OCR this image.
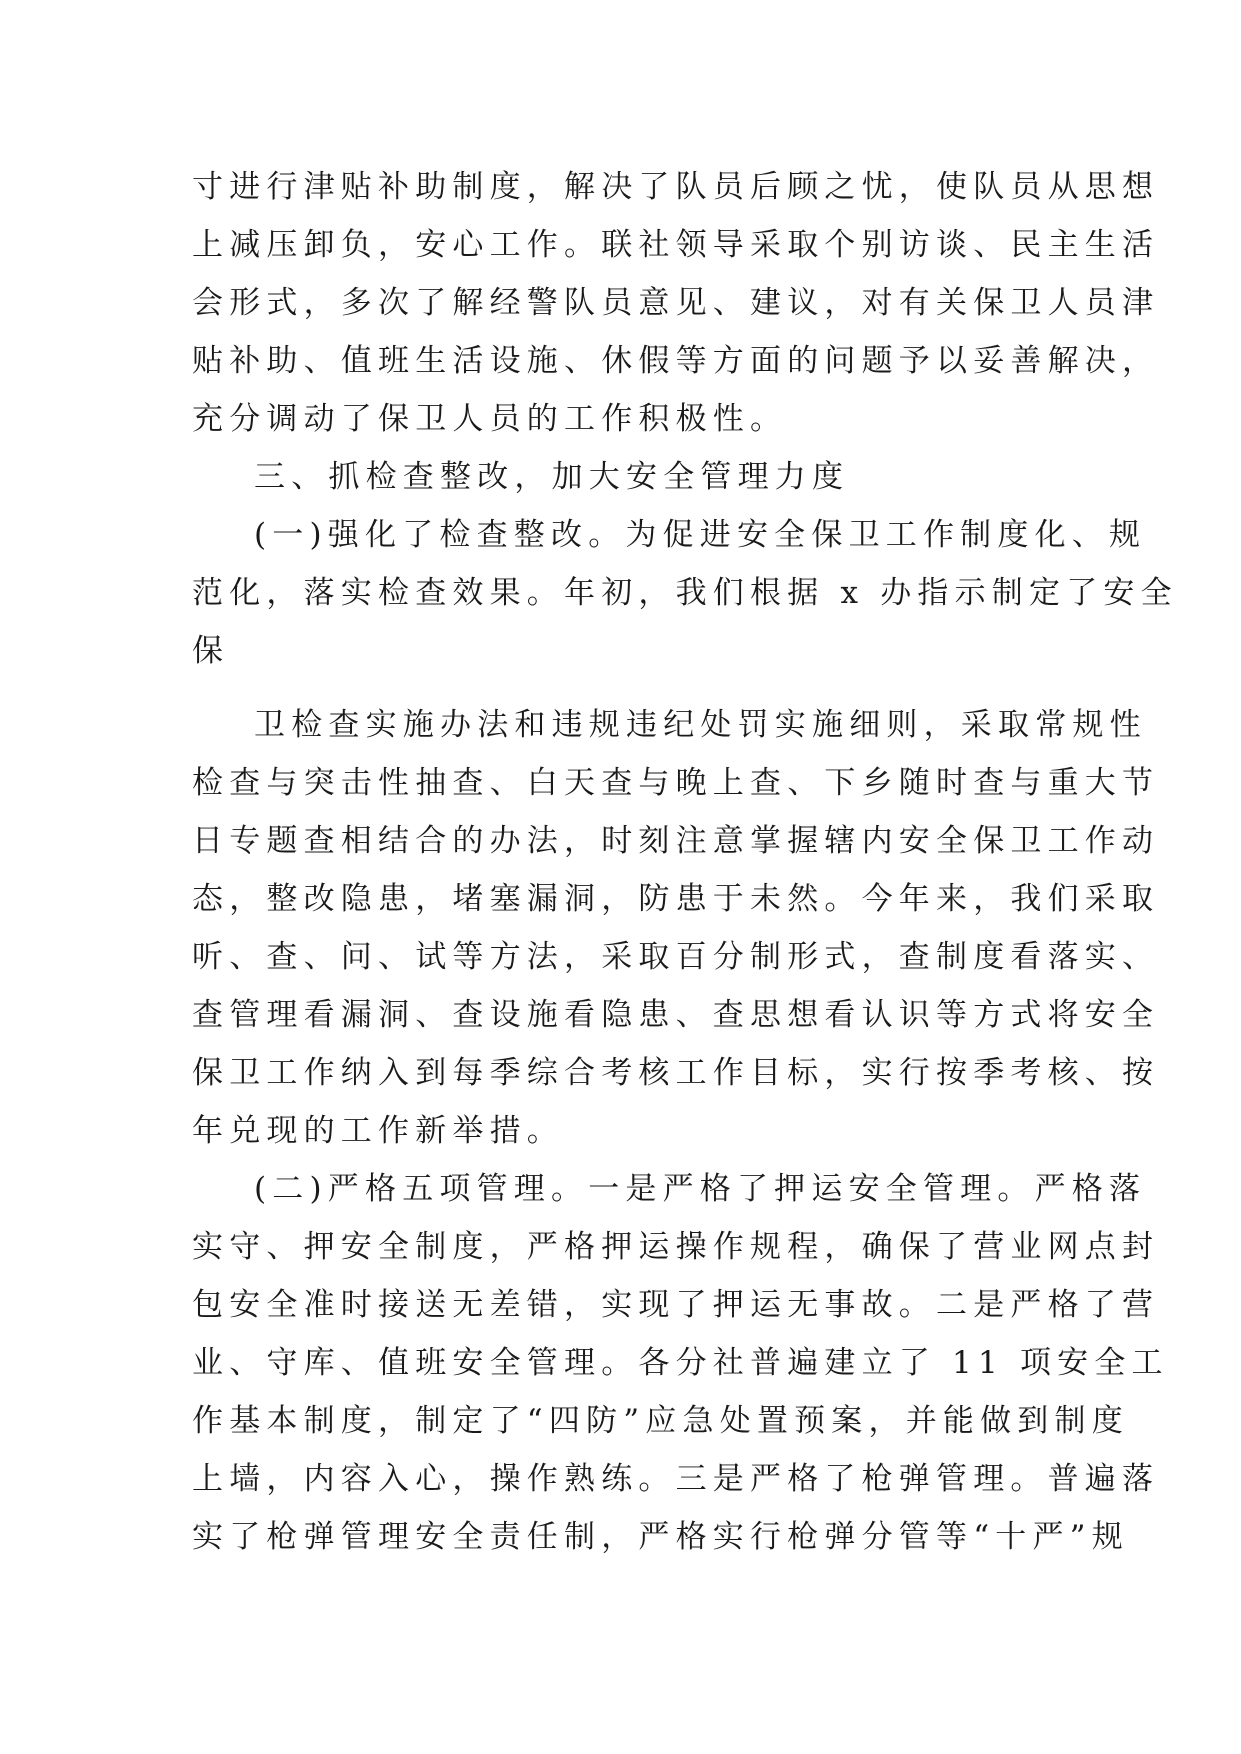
寸进行津贴补助制度，解决了队员后顾之忧，使队员从思想
上减压卸负，安心工作。联社领导采取个别访谈、民主生活
会形式，多次了解经警队员意见、建议，对有关保卫人员津
贴补助、值班生活设施、休假等方面的问题予以妥善解决，
充分调动了保卫人员的工作积极性。
三、抓检查整改，加大安全管理力度
(一)强化了检查整改。为促进安全保卫工作制度化、规
范化，落实检查效果。年初，我们根据 x 办指示制定了安全
保
卫检查实施办法和违规违纪处罚实施细则，采取常规性
检查与突击性抽查、白天查与晚上查、下乡随时查与重大节
日专题查相结合的办法，时刻注意掌握辖内安全保卫工作动
态，整改隐患，堵塞漏洞，防患于未然。今年来，我们采取
听、查、问、试等方法，采取百分制形式，查制度看落实、
查管理看漏洞、查设施看隐患、查思想看认识等方式将安全
保卫工作纳入到每季综合考核工作目标，实行按季考核、按
年兑现的工作新举措。
(二)严格五项管理。一是严格了押运安全管理。严格落
实守、押安全制度，严格押运操作规程，确保了营业网点封
包安全准时接送无差错，实现了押运无事故。二是严格了营
业、守库、值班安全管理。各分社普遍建立了 11 项安全工
作基本制度，制定了“四防”应急处置预案，并能做到制度
上墙，内容入心，操作熟练。三是严格了枪弹管理。普遍落
实了枪弹管理安全责任制，严格实行枪弹分管等“十严”规
